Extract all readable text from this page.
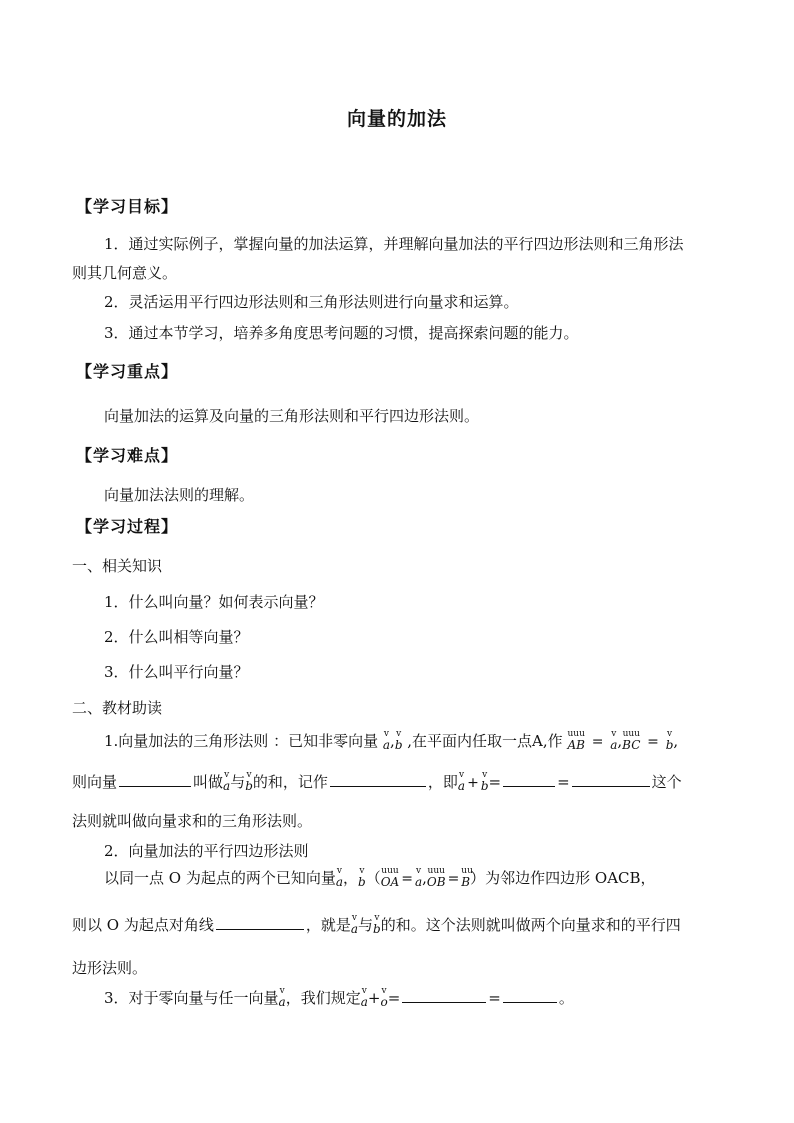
向量的加法
【学习目标】
1．通过实际例子，掌握向量的加法运算，并理解向量加法的平行四边形法则和三角形法
则其几何意义。
2．灵活运用平行四边形法则和三角形法则进行向量求和运算。
3．通过本节学习，培养多角度思考问题的习惯，提高探索问题的能力。
【学习重点】
向量加法的运算及向量的三角形法则和平行四边形法则。
【学习难点】
向量加法法则的理解。
【学习过程】
一、相关知识
1．什么叫向量？如何表示向量？
2．什么叫相等向量？
3．什么叫平行向量？
二、教材助读
1.向量加法的三角形法则 ：已知非零向量 v
a, v
b ,在平面内任取一点A,作 uuu
AB = v
a, uuu
BC = v
b,
则向量	叫做 v
a与 v
b的和，记作	，即 v
a + v
b=	=	这个
法则就叫做向量求和的三角形法则。
2．向量加法的平行四边形法则
以同一点 O 为起点的两个已知向量 v
a， v
b（ uuu
OA = v
a, uuu
OB = uu
B）为邻边作四边形 OACB，
则以 O 为起点对角线	，就是 v
a与 v
b的和。这个法则就叫做两个向量求和的平行四
边形法则。
3．对于零向量与任一向量 v
a，我们规定 v
a+ v
o=	=	。
